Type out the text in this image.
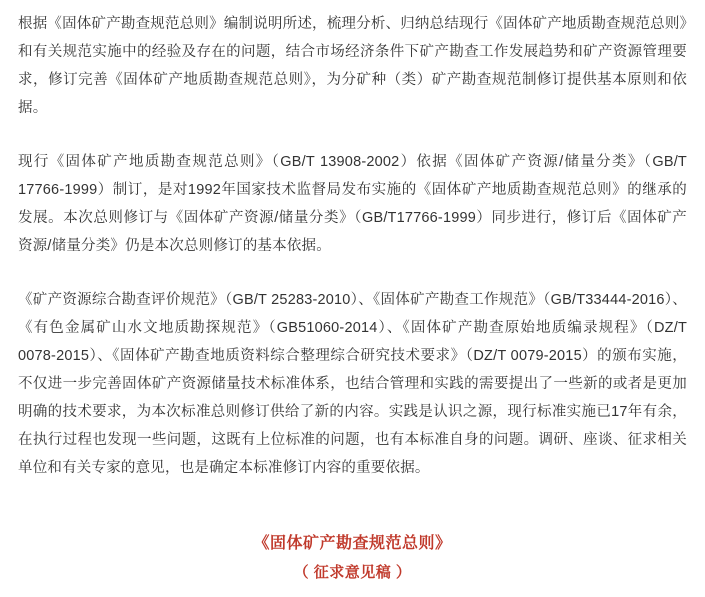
根据《固体矿产勘查规范总则》编制说明所述，梳理分析、归纳总结现行《固体矿产地质勘查规范总则》和有关规范实施中的经验及存在的问题，结合市场经济条件下矿产勘查工作发展趋势和矿产资源管理要求，修订完善《固体矿产地质勘查规范总则》，为分矿种（类）矿产勘查规范制修订提供基本原则和依据。

现行《固体矿产地质勘查规范总则》（GB/T 13908-2002）依据《固体矿产资源/储量分类》（GB/T 17766-1999）制订，是对1992年国家技术监督局发布实施的《固体矿产地质勘查规范总则》的继承的发展。本次总则修订与《固体矿产资源/储量分类》（GB/T17766-1999）同步进行，修订后《固体矿产资源/储量分类》仍是本次总则修订的基本依据。

《矿产资源综合勘查评价规范》（GB/T 25283-2010）、《固体矿产勘查工作规范》（GB/T33444-2016）、《有色金属矿山水文地质勘探规范》（GB51060-2014）、《固体矿产勘查原始地质编录规程》（DZ/T 0078-2015）、《固体矿产勘查地质资料综合整理综合研究技术要求》（DZ/T 0079-2015）的颁布实施，不仅进一步完善固体矿产资源储量技术标准体系，也结合管理和实践的需要提出了一些新的或者是更加明确的技术要求，为本次标准总则修订供给了新的内容。实践是认识之源，现行标准实施已17年有余，在执行过程也发现一些问题，这既有上位标准的问题，也有本标准自身的问题。调研、座谈、征求相关单位和有关专家的意见，也是确定本标准修订内容的重要依据。

《固体矿产勘查规范总则》
（ 征求意见稿 ）
